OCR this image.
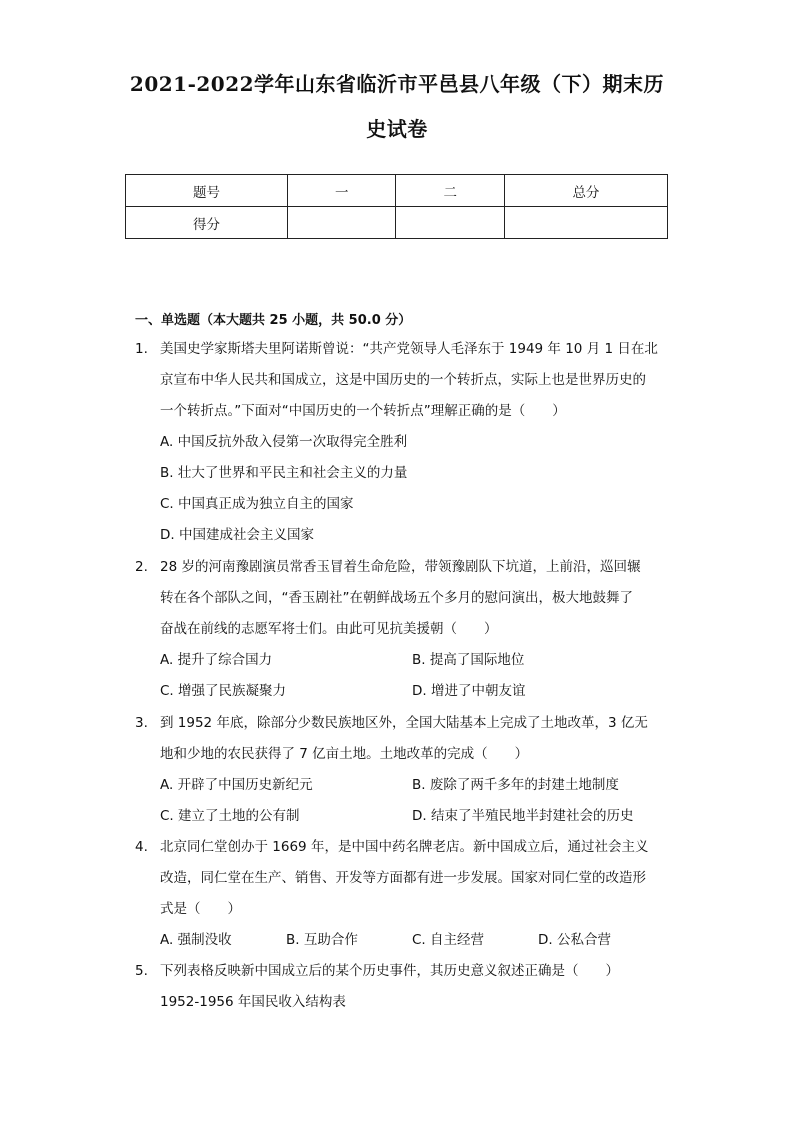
2021-2022学年山东省临沂市平邑县八年级（下）期末历
史试卷
题号	一	二	总分
得分			
一、单选题（本大题共 25 小题，共 50.0 分）
1. 美国史学家斯塔夫里阿诺斯曾说：“共产党领导人毛泽东于 1949 年 10 月 1 日在北
京宣布中华人民共和国成立，这是中国历史的一个转折点，实际上也是世界历史的
一个转折点。”下面对“中国历史的一个转折点”理解正确的是（　　）
A. 中国反抗外敌入侵第一次取得完全胜利
B. 壮大了世界和平民主和社会主义的力量
C. 中国真正成为独立自主的国家
D. 中国建成社会主义国家
2. 28 岁的河南豫剧演员常香玉冒着生命危险，带领豫剧队下坑道，上前沿，巡回辗
转在各个部队之间，“香玉剧社”在朝鲜战场五个多月的慰问演出，极大地鼓舞了
奋战在前线的志愿军将士们。由此可见抗美援朝（　　）
A. 提升了综合国力	B. 提高了国际地位
C. 增强了民族凝聚力	D. 增进了中朝友谊
3. 到 1952 年底，除部分少数民族地区外，全国大陆基本上完成了土地改革，3 亿无
地和少地的农民获得了 7 亿亩土地。土地改革的完成（　　）
A. 开辟了中国历史新纪元	B. 废除了两千多年的封建土地制度
C. 建立了土地的公有制	D. 结束了半殖民地半封建社会的历史
4. 北京同仁堂创办于 1669 年，是中国中药名牌老店。新中国成立后，通过社会主义
改造，同仁堂在生产、销售、开发等方面都有进一步发展。国家对同仁堂的改造形
式是（　　）
A. 强制没收	B. 互助合作	C. 自主经营	D. 公私合营
5. 下列表格反映新中国成立后的某个历史事件，其历史意义叙述正确是（　　）
1952-1956 年国民收入结构表
